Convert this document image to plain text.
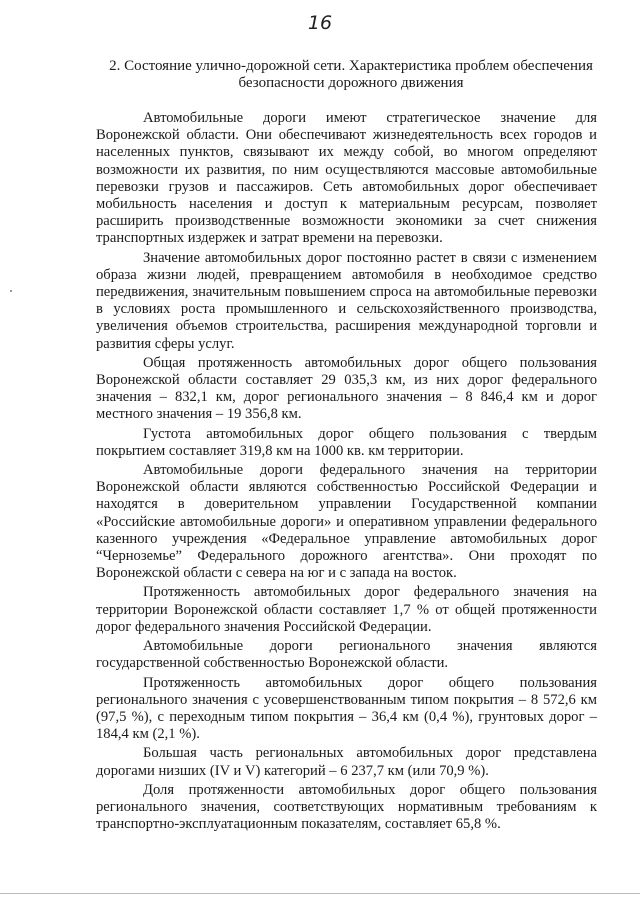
16
2. Состояние улично-дорожной сети. Характеристика проблем обеспечения
безопасности дорожного движения

Автомобильные дороги имеют стратегическое значение для Воронежской области. Они обеспечивают жизнедеятельность всех городов и населенных пунктов, связывают их между собой, во многом определяют возможности их развития, по ним осуществляются массовые автомобильные перевозки грузов и пассажиров. Сеть автомобильных дорог обеспечивает мобильность населения и доступ к материальным ресурсам, позволяет расширить производственные возможности экономики за счет снижения транспортных издержек и затрат времени на перевозки.

Значение автомобильных дорог постоянно растет в связи с изменением образа жизни людей, превращением автомобиля в необходимое средство передвижения, значительным повышением спроса на автомобильные перевозки в условиях роста промышленного и сельскохозяйственного производства, увеличения объемов строительства, расширения международной торговли и развития сферы услуг.

Общая протяженность автомобильных дорог общего пользования Воронежской области составляет 29 035,3 км, из них дорог федерального значения – 832,1 км, дорог регионального значения – 8 846,4 км и дорог местного значения – 19 356,8 км.

Густота автомобильных дорог общего пользования с твердым покрытием составляет 319,8 км на 1000 кв. км территории.

Автомобильные дороги федерального значения на территории Воронежской области являются собственностью Российской Федерации и находятся в доверительном управлении Государственной компании «Российские автомобильные дороги» и оперативном управлении федерального казенного учреждения «Федеральное управление автомобильных дорог “Черноземье” Федерального дорожного агентства». Они проходят по Воронежской области с севера на юг и с запада на восток.

Протяженность автомобильных дорог федерального значения на территории Воронежской области составляет 1,7 % от общей протяженности дорог федерального значения Российской Федерации.

Автомобильные дороги регионального значения являются государственной собственностью Воронежской области.

Протяженность автомобильных дорог общего пользования регионального значения с усовершенствованным типом покрытия – 8 572,6 км (97,5 %), с переходным типом покрытия – 36,4 км (0,4 %), грунтовых дорог – 184,4 км (2,1 %).

Большая часть региональных автомобильных дорог представлена дорогами низших (IV и V) категорий – 6 237,7 км (или 70,9 %).

Доля протяженности автомобильных дорог общего пользования регионального значения, соответствующих нормативным требованиям к транспортно-эксплуатационным показателям, составляет 65,8 %.
